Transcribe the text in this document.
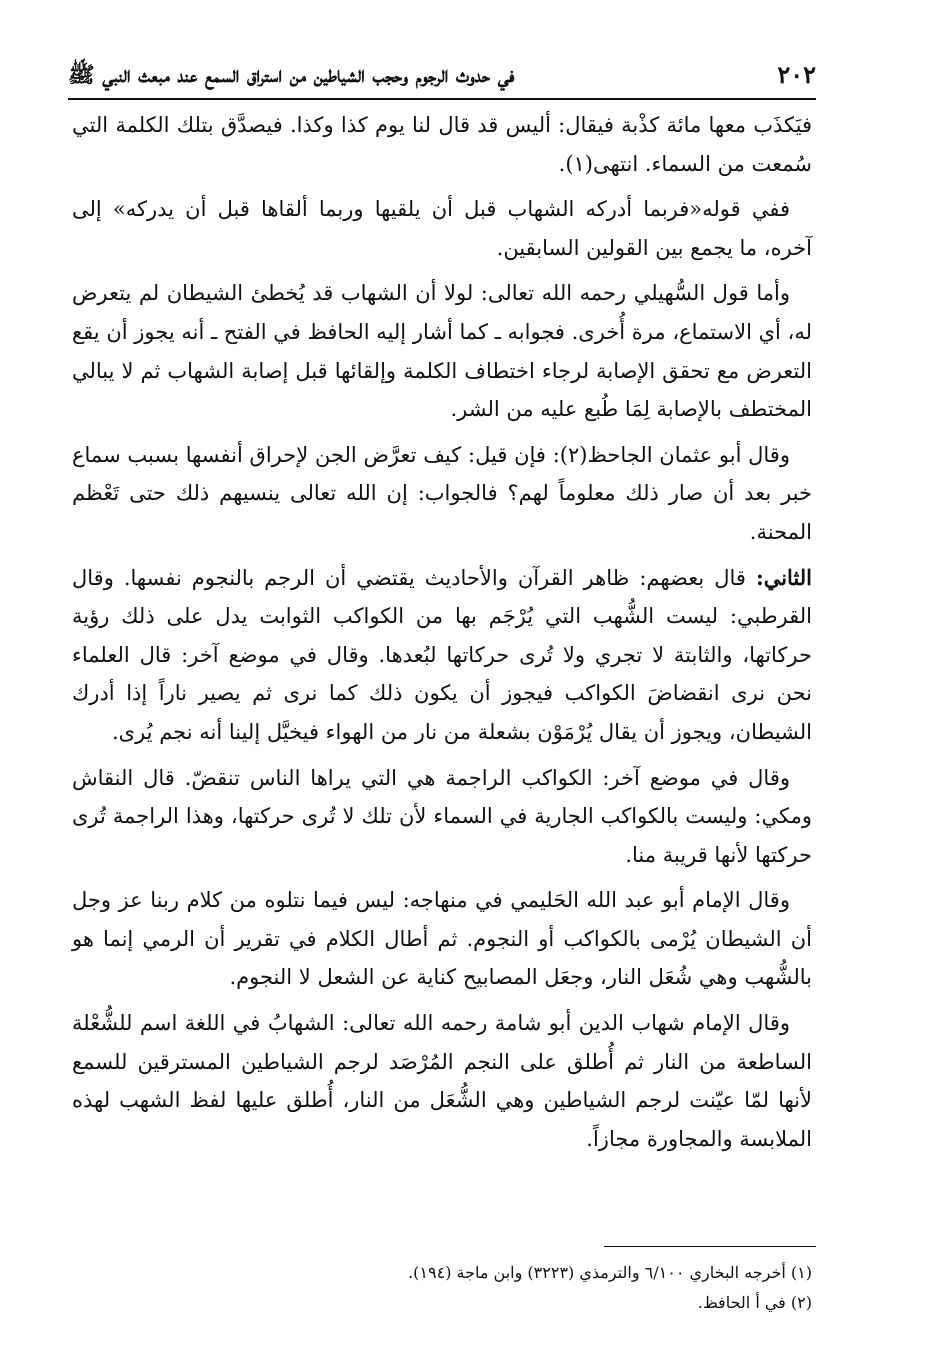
٢٠٢
في حدوث الرجوم وحجب الشياطين من استراق السمع عند مبعث النبي ﷺ

فيَكذَب معها مائة كذْبة فيقال: أليس قد قال لنا يوم كذا وكذا. فيصدَّق بتلك الكلمة التي سُمعت من السماء. انتهى(١).

ففي قوله«فربما أدركه الشهاب قبل أن يلقيها وربما ألقاها قبل أن يدركه» إلى آخره، ما يجمع بين القولين السابقين.

وأما قول السُّهيلي رحمه الله تعالى: لولا أن الشهاب قد يُخطئ الشيطان لم يتعرض له، أي الاستماع، مرة أُخرى. فجوابه ـ كما أشار إليه الحافظ في الفتح ـ أنه يجوز أن يقع التعرض مع تحقق الإصابة لرجاء اختطاف الكلمة وإلقائها قبل إصابة الشهاب ثم لا يبالي المختطف بالإصابة لِمَا طُبع عليه من الشر.

وقال أبو عثمان الجاحظ(٢): فإن قيل: كيف تعرَّض الجن لإحراق أنفسها بسبب سماع خبر بعد أن صار ذلك معلوماً لهم؟ فالجواب: إن الله تعالى ينسيهم ذلك حتى تَعْظم المحنة.

الثاني: قال بعضهم: ظاهر القرآن والأحاديث يقتضي أن الرجم بالنجوم نفسها. وقال القرطبي: ليست الشُّهب التي يُرْجَم بها من الكواكب الثوابت يدل على ذلك رؤية حركاتها، والثابتة لا تجري ولا تُرى حركاتها لبُعدها. وقال في موضع آخر: قال العلماء نحن نرى انقضاضَ الكواكب فيجوز أن يكون ذلك كما نرى ثم يصير ناراً إذا أدرك الشيطان، ويجوز أن يقال يُرْمَوْن بشعلة من نار من الهواء فيخيَّل إلينا أنه نجم يُرى.

وقال في موضع آخر: الكواكب الراجمة هي التي يراها الناس تنقضّ. قال النقاش ومكي: وليست بالكواكب الجارية في السماء لأن تلك لا تُرى حركتها، وهذا الراجمة تُرى حركتها لأنها قريبة منا.

وقال الإمام أبو عبد الله الحَليمي في منهاجه: ليس فيما نتلوه من كلام ربنا عز وجل أن الشيطان يُرْمى بالكواكب أو النجوم. ثم أطال الكلام في تقرير أن الرمي إنما هو بالشُّهب وهي شُعَل النار، وجعَل المصابيح كناية عن الشعل لا النجوم.

وقال الإمام شهاب الدين أبو شامة رحمه الله تعالى: الشهابُ في اللغة اسم للشُّعْلة الساطعة من النار ثم أُطلق على النجم المُرْصَد لرجم الشياطين المسترقين للسمع لأنها لمّا عيّنت لرجم الشياطين وهي الشُّعَل من النار، أُطلق عليها لفظ الشهب لهذه الملابسة والمجاورة مجازاً.

(١) أخرجه البخاري ٦/١٠٠ والترمذي (٣٢٢٣) وابن ماجة (١٩٤).

(٢) في أ الحافظ.
